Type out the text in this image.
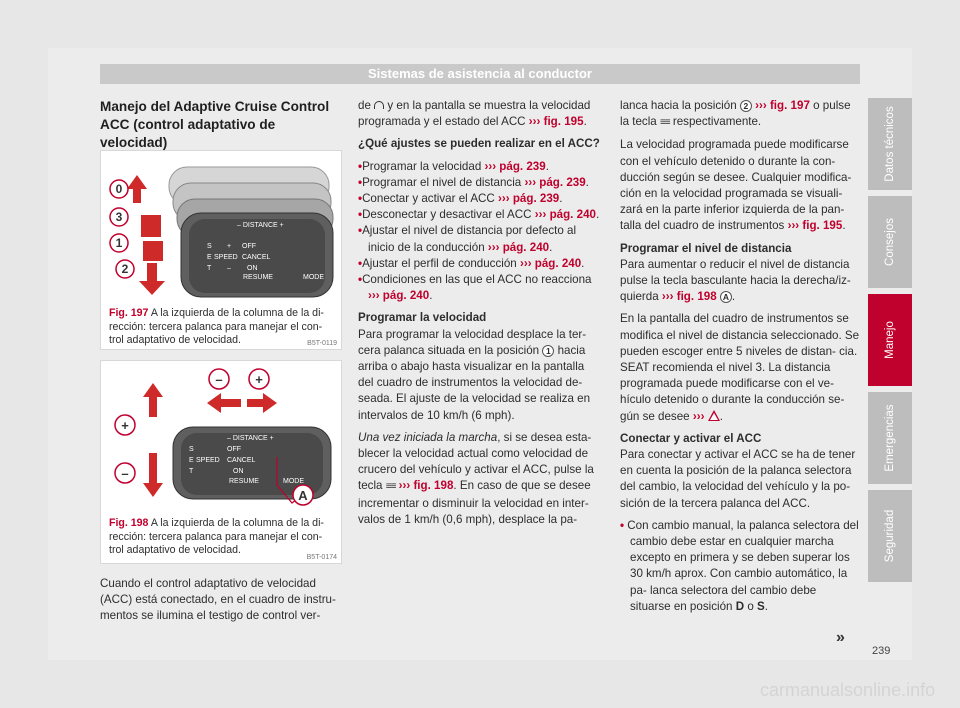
Sistemas de asistencia al conductor
Manejo del Adaptive Cruise Control
ACC (control adaptativo de velocidad)
– DISTANCE +
S
E
T
SPEED
+
–
OFF
CANCEL
ON
RESUME	MODE
0
3
1
2
B5T-0119
Fig. 197 A la izquierda de la columna de la di- rección: tercera palanca para manejar el con- trol adaptativo de velocidad.
– DISTANCE +
S
E
T
SPEED
OFF
CANCEL
ON
RESUME	MODE
–	+
+
–
A
B5T-0174
Fig. 198 A la izquierda de la columna de la di- rección: tercera palanca para manejar el con- trol adaptativo de velocidad.
Cuando el control adaptativo de velocidad (ACC) está conectado, en el cuadro de instru- mentos se ilumina el testigo de control ver-

de y en la pantalla se muestra la velocidad programada y el estado del ACC ››› fig. 195.

¿Qué ajustes se pueden realizar en el ACC?

• Programar la velocidad ››› pág. 239.
• Programar el nivel de distancia ››› pág. 239.
• Conectar y activar el ACC ››› pág. 239.
• Desconectar y desactivar el ACC ››› pág. 240.
• Ajustar el nivel de distancia por defecto al inicio de la conducción ››› pág. 240.
• Ajustar el perfil de conducción ››› pág. 240.
• Condiciones en las que el ACC no reacciona ››› pág. 240.

Programar la velocidad

Para programar la velocidad desplace la ter- cera palanca situada en la posición 1 hacia arriba o abajo hasta visualizar en la pantalla del cuadro de instrumentos la velocidad de- seada. El ajuste de la velocidad se realiza en intervalos de 10 km/h (6 mph).

Una vez iniciada la marcha, si se desea esta- blecer la velocidad actual como velocidad de crucero del vehículo y activar el ACC, pulse la tecla ≡≡ ››› fig. 198. En caso de que se desee incrementar o disminuir la velocidad en inter- valos de 1 km/h (0,6 mph), desplace la pa-

lanca hacia la posición 2 ››› fig. 197 o pulse la tecla ≡≡ respectivamente.

La velocidad programada puede modificarse con el vehículo detenido o durante la con- ducción según se desee. Cualquier modifica- ción en la velocidad programada se visuali- zará en la parte inferior izquierda de la pan- talla del cuadro de instrumentos ››› fig. 195.

Programar el nivel de distancia

Para aumentar o reducir el nivel de distancia pulse la tecla basculante hacia la derecha/iz- quierda ››› fig. 198 A .

En la pantalla del cuadro de instrumentos se modifica el nivel de distancia seleccionado. Se pueden escoger entre 5 niveles de distan- cia. SEAT recomienda el nivel 3. La distancia programada puede modificarse con el ve- hículo detenido o durante la conducción se- gún se desee ››› .

Conectar y activar el ACC

Para conectar y activar el ACC se ha de tener en cuenta la posición de la palanca selectora del cambio, la velocidad del vehículo y la po- sición de la tercera palanca del ACC.

• Con cambio manual, la palanca selectora del cambio debe estar en cualquier marcha excepto en primera y se deben superar los 30 km/h aprox. Con cambio automático, la pa- lanca selectora del cambio debe situarse en posición D o S.

Datos técnicos
Consejos
Manejo
Emergencias
Seguridad
»
239
carmanualsonline.info
